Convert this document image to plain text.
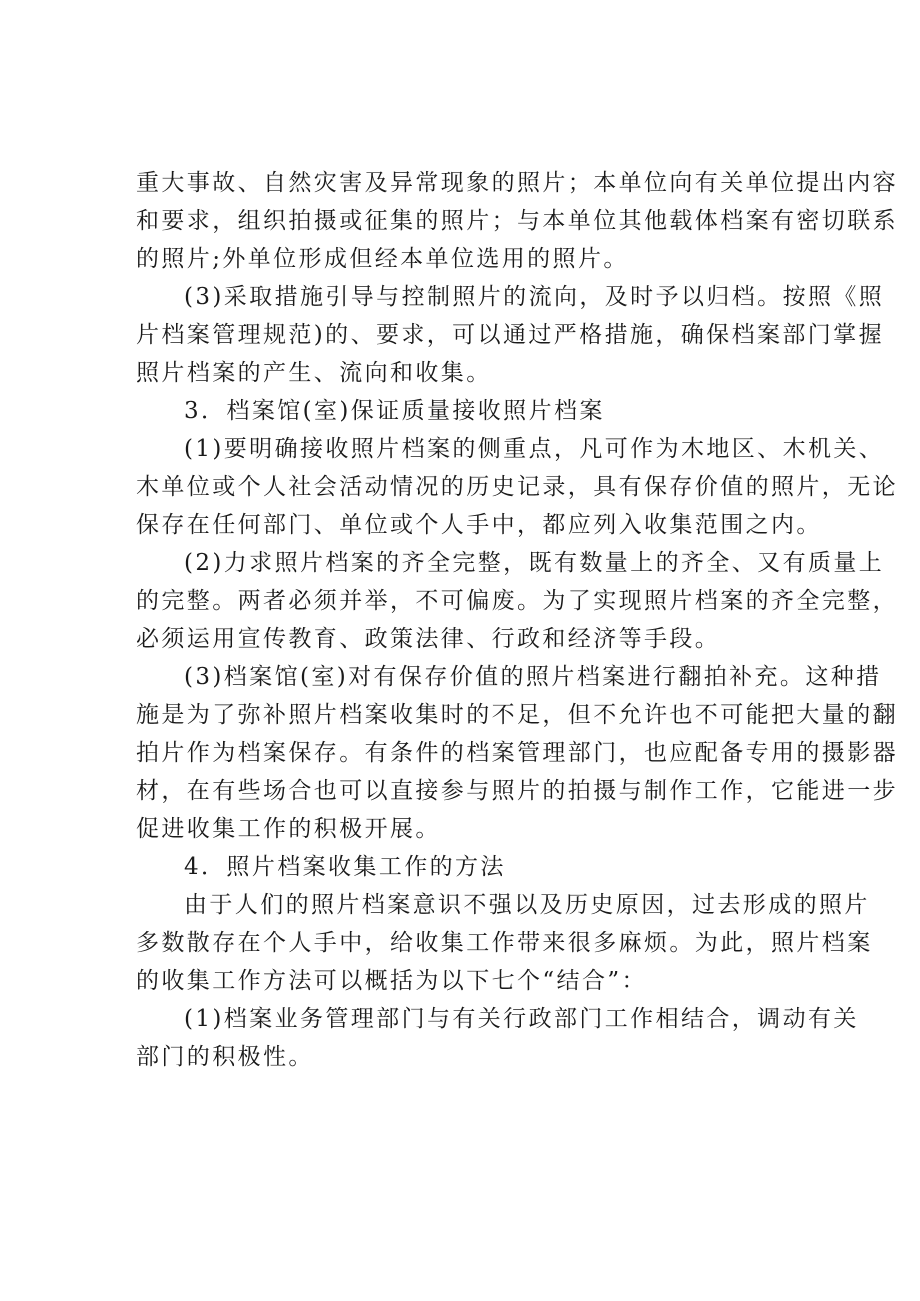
重大事故、自然灾害及异常现象的照片；本单位向有关单位提出内容
和要求，组织拍摄或征集的照片；与本单位其他载体档案有密切联系
的照片;外单位形成但经本单位选用的照片。
(3)采取措施引导与控制照片的流向，及时予以归档。按照《照
片档案管理规范)的、要求，可以通过严格措施，确保档案部门掌握
照片档案的产生、流向和收集。
3．档案馆(室)保证质量接收照片档案
(1)要明确接收照片档案的侧重点，凡可作为木地区、木机关、
木单位或个人社会活动情况的历史记录，具有保存价值的照片，无论
保存在任何部门、单位或个人手中，都应列入收集范围之内。
(2)力求照片档案的齐全完整，既有数量上的齐全、又有质量上
的完整。两者必须并举，不可偏废。为了实现照片档案的齐全完整，
必须运用宣传教育、政策法律、行政和经济等手段。
(3)档案馆(室)对有保存价值的照片档案进行翻拍补充。这种措
施是为了弥补照片档案收集时的不足，但不允许也不可能把大量的翻
拍片作为档案保存。有条件的档案管理部门，也应配备专用的摄影器
材，在有些场合也可以直接参与照片的拍摄与制作工作，它能进一步
促进收集工作的积极开展。
4．照片档案收集工作的方法
由于人们的照片档案意识不强以及历史原因，过去形成的照片
多数散存在个人手中，给收集工作带来很多麻烦。为此，照片档案
的收集工作方法可以概括为以下七个“结合”：
(1)档案业务管理部门与有关行政部门工作相结合，调动有关
部门的积极性。
